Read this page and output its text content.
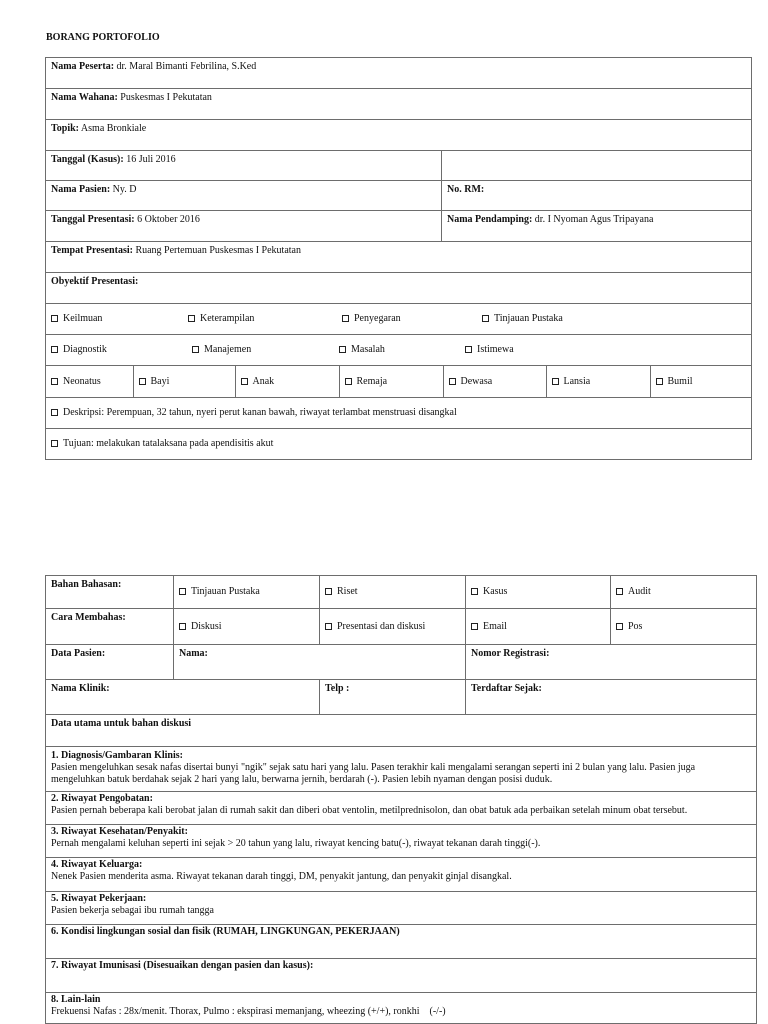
BORANG PORTOFOLIO
Nama Peserta: dr. Maral Bimanti Febrilina, S.Ked
Nama Wahana: Puskesmas I Pekutatan
Topik: Asma Bronkiale
Tanggal (Kasus): 16 Juli 2016	
Nama Pasien: Ny. D	No. RM:
Tanggal Presentasi: 6 Oktober 2016	Nama Pendamping: dr. I Nyoman Agus Tripayana
Tempat Presentasi: Ruang Pertemuan Puskesmas I Pekutatan
Obyektif Presentasi:

Keilmuan	Keterampilan	Penyegaran	Tinjauan Pustaka

Diagnostik	Manajemen	Masalah	Istimewa

Neonatus	Bayi	Anak	Remaja	Dewasa	Lansia	Bumil

Deskripsi: Perempuan, 32 tahun, nyeri perut kanan bawah, riwayat terlambat menstruasi disangkal
Tujuan: melakukan tatalaksana pada apendisitis akut
Bahan Bahasan:	Tinjauan Pustaka	Riset	Kasus	Audit
Cara Membahas:	Diskusi	Presentasi dan diskusi	Email	Pos
Data Pasien:	Nama:		Nomor Registrasi:	
Nama Klinik:		Telp :	Terdaftar Sejak:	
Data utama untuk bahan diskusi				

1. Diagnosis/Gambaran Klinis:
Pasien mengeluhkan sesak nafas disertai bunyi "ngik" sejak satu hari yang lalu. Pasen terakhir kali mengalami serangan seperti ini 2 bulan yang lalu. Pasien juga mengeluhkan batuk berdahak sejak 2 hari yang lalu, berwarna jernih, berdarah (-). Pasien lebih nyaman dengan posisi duduk.				

2. Riwayat Pengobatan:
Pasien pernah beberapa kali berobat jalan di rumah sakit dan diberi obat ventolin, metilprednisolon, dan obat batuk ada perbaikan setelah minum obat tersebut.				

3. Riwayat Kesehatan/Penyakit:
Pernah mengalami keluhan seperti ini sejak > 20 tahun yang lalu, riwayat kencing batu(-), riwayat tekanan darah tinggi(-).				

4. Riwayat Keluarga:
Nenek Pasien menderita asma. Riwayat tekanan darah tinggi, DM, penyakit jantung, dan penyakit ginjal disangkal.				

5. Riwayat Pekerjaan:
Pasien bekerja sebagai ibu rumah tangga				

6. Kondisi lingkungan sosial dan fisik (RUMAH, LINGKUNGAN, PEKERJAAN)				

7. Riwayat Imunisasi (Disesuaikan dengan pasien dan kasus):				

8. Lain-lain
Frekuensi Nafas : 28x/menit. Thorax, Pulmo : ekspirasi memanjang, wheezing (+/+), ronkhi    (-/-)				
